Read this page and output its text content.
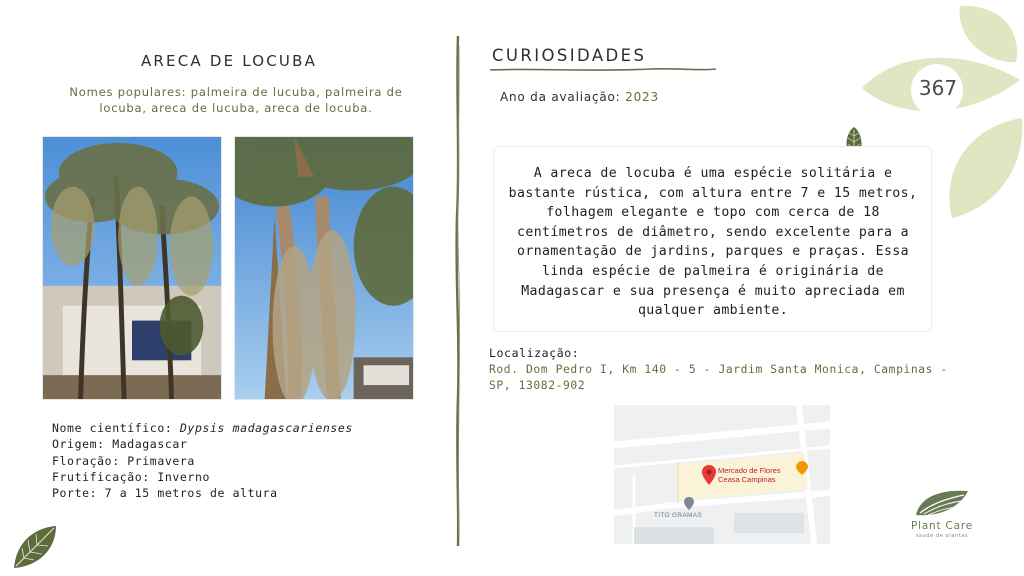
367
ARECA DE LOCUBA
Nomes populares: palmeira de lucuba, palmeira de locuba, areca de lucuba, areca de locuba.
Nome científico: Dypsis madagascarienses
Origem: Madagascar
Floração: Primavera
Frutificação: Inverno
Porte: 7 a 15 metros de altura
CURIOSIDADES
Ano da avaliação: 2023
A areca de locuba é uma espécie solitária e bastante rústica, com altura entre 7 e 15 metros, folhagem elegante e topo com cerca de 18 centímetros de diâmetro, sendo excelente para a ornamentação de jardins, parques e praças. Essa linda espécie de palmeira é originária de Madagascar e sua presença é muito apreciada em qualquer ambiente.
Localização:
Rod. Dom Pedro I, Km 140 - 5 - Jardim Santa Monica, Campinas - SP, 13082-902
Mercado de Flores
Ceasa Campinas
TITO GRAMAS
Plant Care
saude de plantas
